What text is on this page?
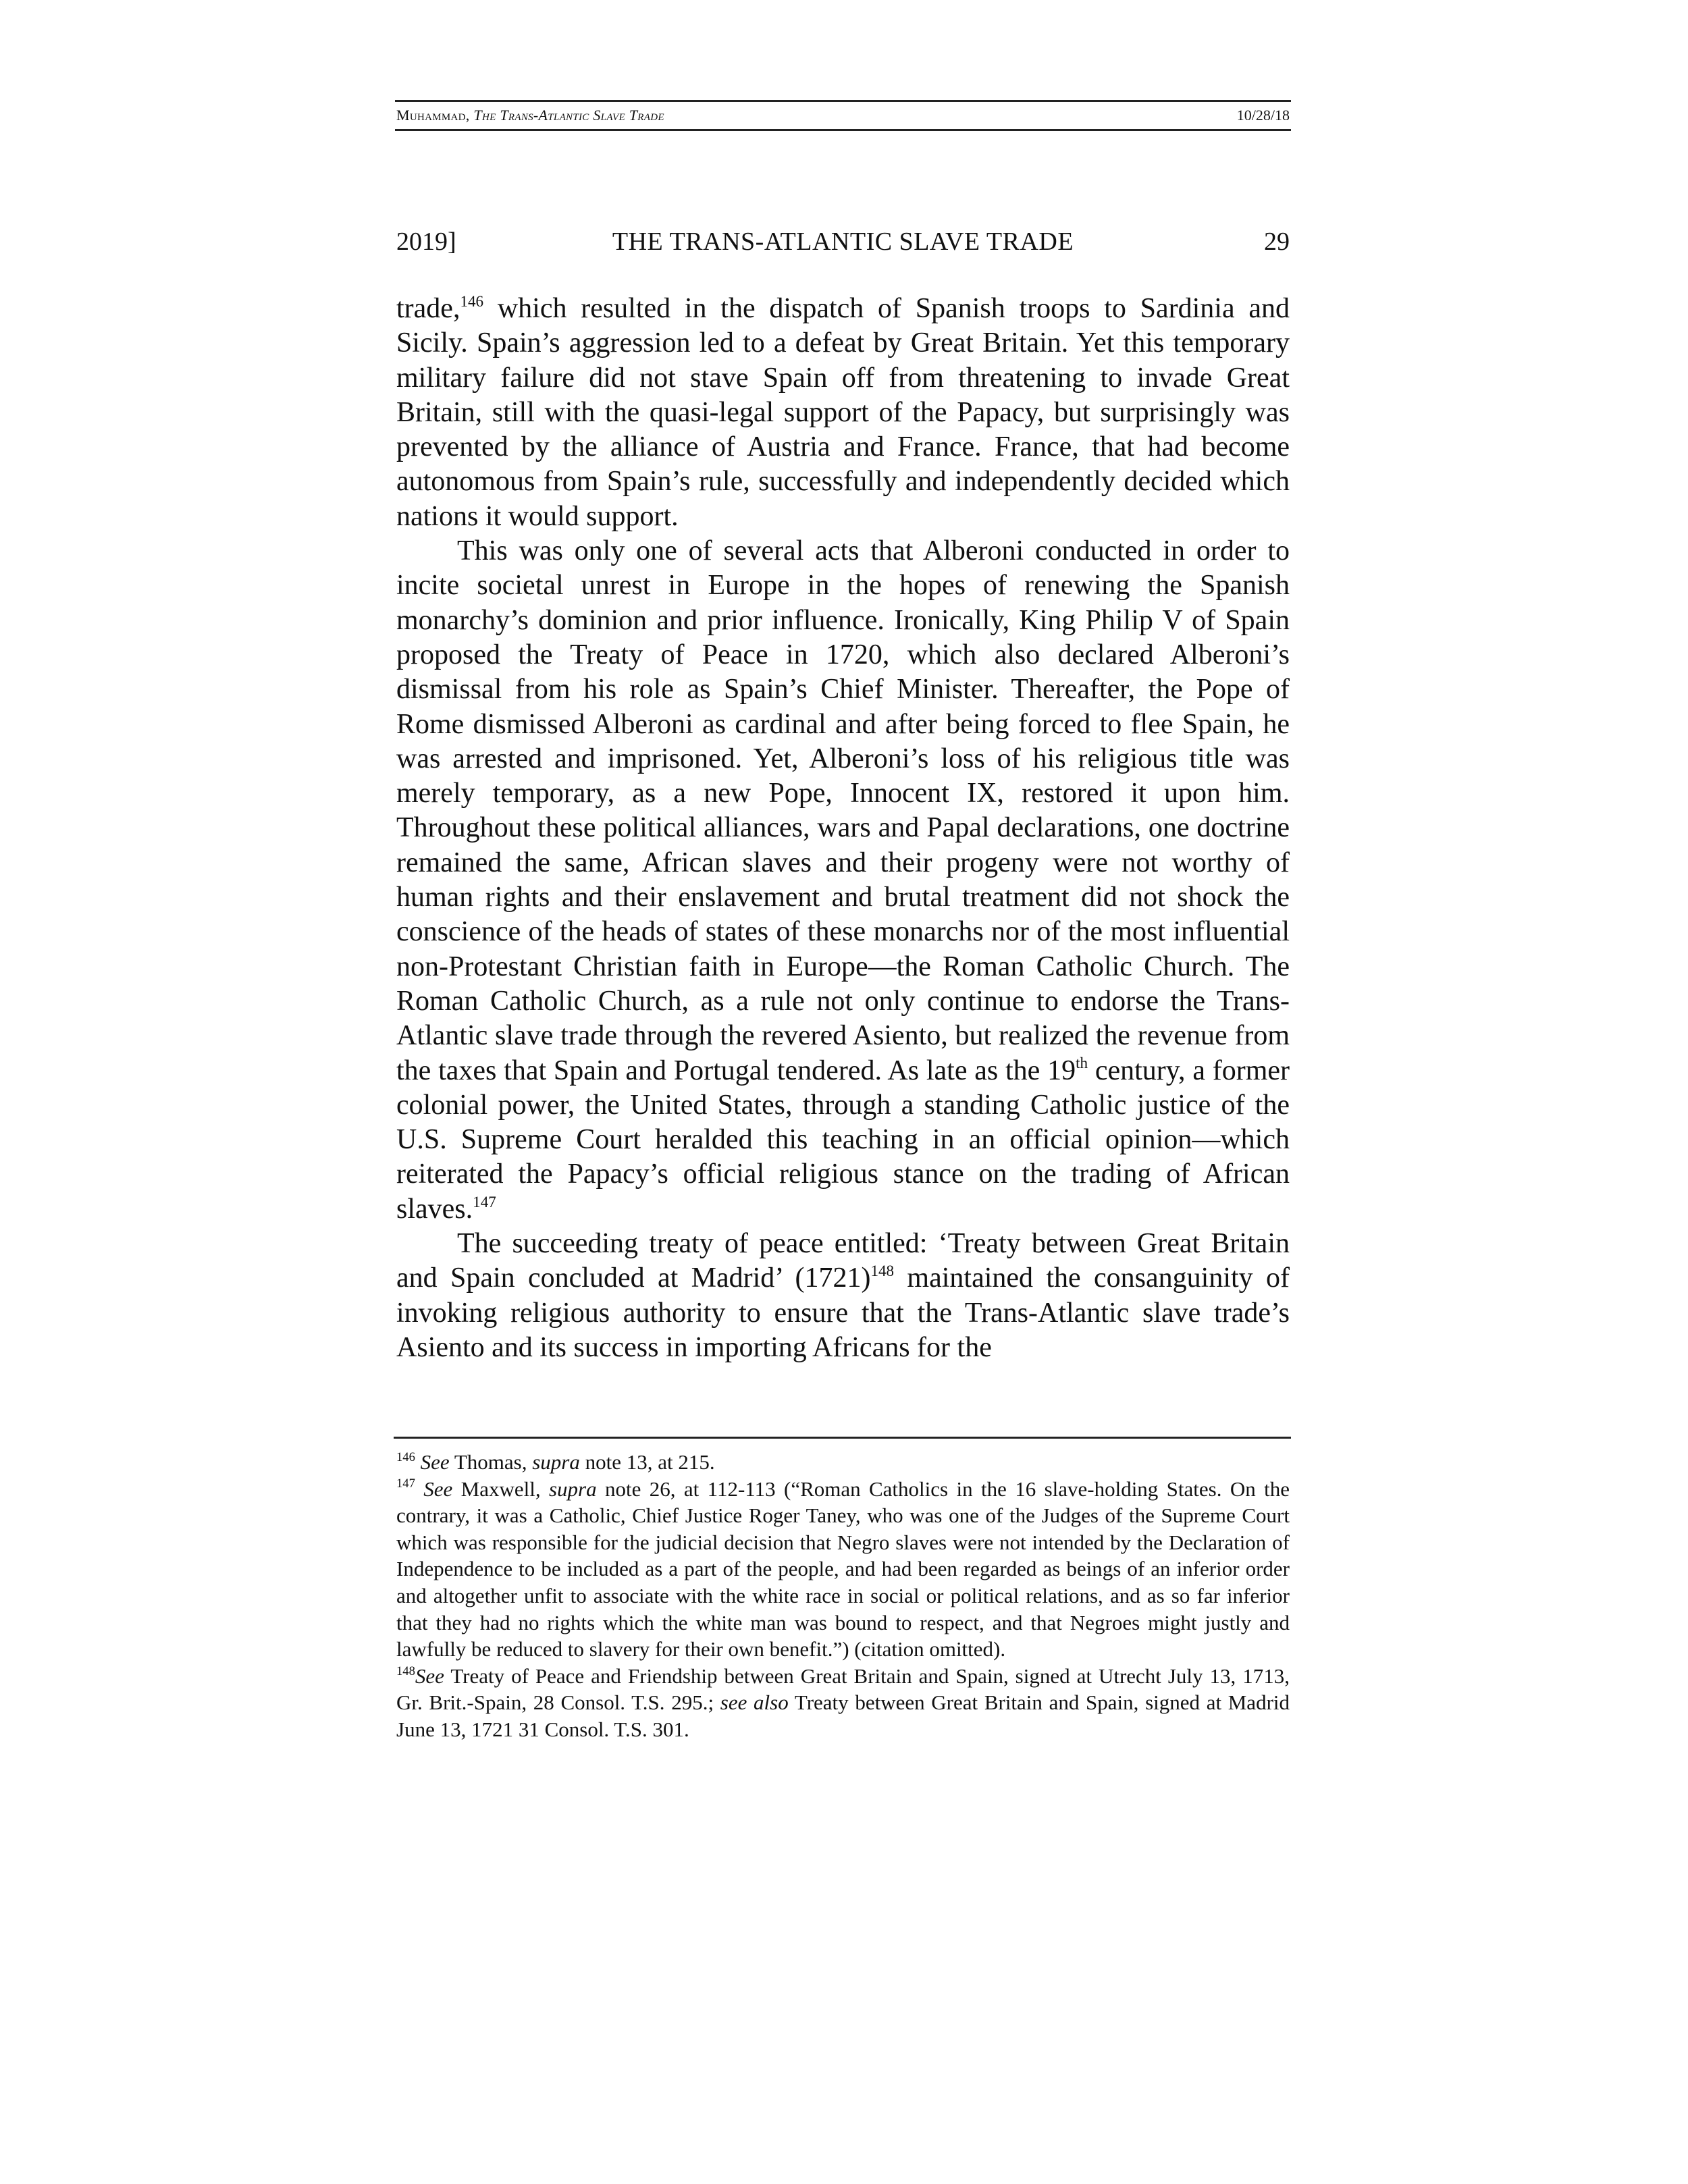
Muhammad, The Trans-Atlantic Slave Trade	10/28/18
2019]	THE TRANS-ATLANTIC SLAVE TRADE	29

trade,$^{146}$ which resulted in the dispatch of Spanish troops to Sardinia and Sicily. Spain’s aggression led to a defeat by Great Britain. Yet this temporary military failure did not stave Spain off from threatening to invade Great Britain, still with the quasi-legal support of the Papacy, but surprisingly was prevented by the alliance of Austria and France. France, that had become autonomous from Spain’s rule, successfully and independently decided which nations it would support.

This was only one of several acts that Alberoni conducted in order to incite societal unrest in Europe in the hopes of renewing the Spanish monarchy’s dominion and prior influence. Ironically, King Philip V of Spain proposed the Treaty of Peace in 1720, which also declared Alberoni’s dismissal from his role as Spain’s Chief Minister. Thereafter, the Pope of Rome dismissed Alberoni as cardinal and after being forced to flee Spain, he was arrested and imprisoned. Yet, Alberoni’s loss of his religious title was merely temporary, as a new Pope, Innocent IX, restored it upon him. Throughout these political alliances, wars and Papal declarations, one doctrine remained the same, African slaves and their progeny were not worthy of human rights and their enslavement and brutal treatment did not shock the conscience of the heads of states of these monarchs nor of the most influential non-Protestant Christian faith in Europe—the Roman Catholic Church. The Roman Catholic Church, as a rule not only continue to endorse the Trans-Atlantic slave trade through the revered Asiento, but realized the revenue from the taxes that Spain and Portugal tendered. As late as the 19th century, a former colonial power, the United States, through a standing Catholic justice of the U.S. Supreme Court heralded this teaching in an official opinion—which reiterated the Papacy’s official religious stance on the trading of African slaves.$^{147}$

The succeeding treaty of peace entitled: ‘Treaty between Great Britain and Spain concluded at Madrid’ $(1721)^{148}$ maintained the consanguinity of invoking religious authority to ensure that the Trans-Atlantic slave trade’s Asiento and its success in importing Africans for the

$^{146}$ See Thomas, supra note 13, at 215.

$^{147}$ See Maxwell, supra note 26, at 112-113 (“Roman Catholics in the 16 slave-holding States. On the contrary, it was a Catholic, Chief Justice Roger Taney, who was one of the Judges of the Supreme Court which was responsible for the judicial decision that Negro slaves were not intended by the Declaration of Independence to be included as a part of the people, and had been regarded as beings of an inferior order and altogether unfit to associate with the white race in social or political relations, and as so far inferior that they had no rights which the white man was bound to respect, and that Negroes might justly and lawfully be reduced to slavery for their own benefit.”) (citation omitted).

$^{148}$See Treaty of Peace and Friendship between Great Britain and Spain, signed at Utrecht July 13, 1713, Gr. Brit.-Spain, 28 Consol. T.S. 295.; see also Treaty between Great Britain and Spain, signed at Madrid June 13, 1721 31 Consol. T.S. 301.
